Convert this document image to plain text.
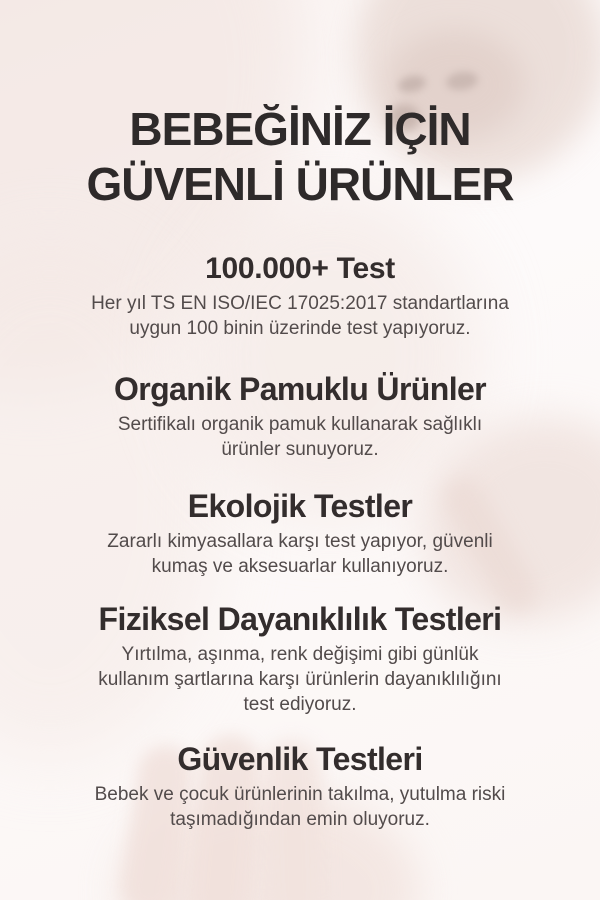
BEBEĞİNİZ İÇİN
GÜVENLİ ÜRÜNLER
100.000+ Test
Her yıl TS EN ISO/IEC 17025:2017 standartlarına
uygun 100 binin üzerinde test yapıyoruz.
Organik Pamuklu Ürünler
Sertifikalı organik pamuk kullanarak sağlıklı
ürünler sunuyoruz.
Ekolojik Testler
Zararlı kimyasallara karşı test yapıyor, güvenli
kumaş ve aksesuarlar kullanıyoruz.
Fiziksel Dayanıklılık Testleri
Yırtılma, aşınma, renk değişimi gibi günlük
kullanım şartlarına karşı ürünlerin dayanıklılığını
test ediyoruz.
Güvenlik Testleri
Bebek ve çocuk ürünlerinin takılma, yutulma riski
taşımadığından emin oluyoruz.
